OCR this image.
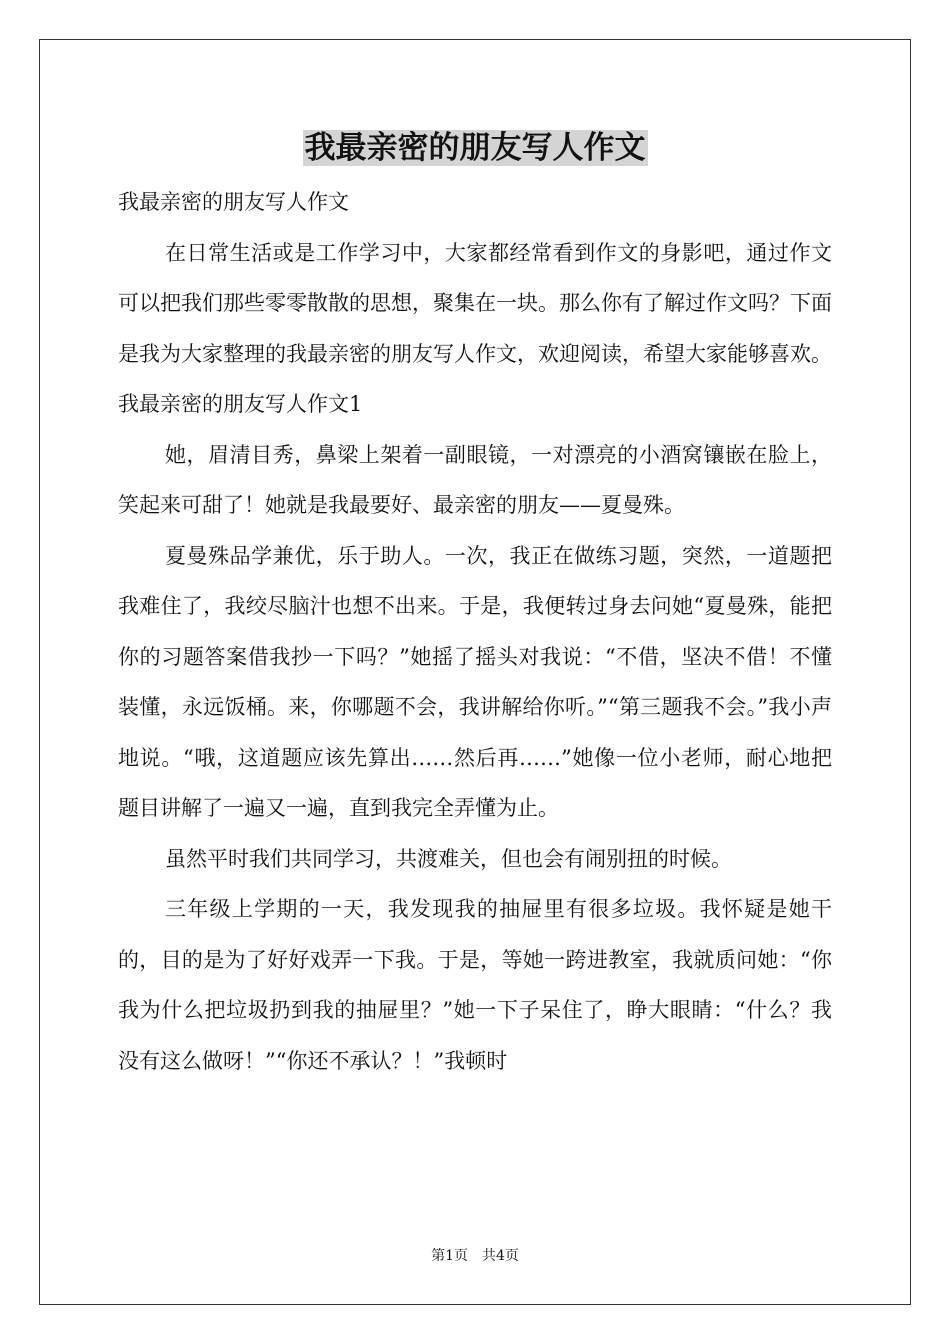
我最亲密的朋友写人作文

我最亲密的朋友写人作文

在日常生活或是工作学习中，大家都经常看到作文的身影吧，通过作文可以把我们那些零零散散的思想，聚集在一块。那么你有了解过作文吗？下面是我为大家整理的我最亲密的朋友写人作文，欢迎阅读，希望大家能够喜欢。

我最亲密的朋友写人作文1

她，眉清目秀，鼻梁上架着一副眼镜，一对漂亮的小酒窝镶嵌在脸上，笑起来可甜了！她就是我最要好、最亲密的朋友——夏曼殊。

夏曼殊品学兼优，乐于助人。一次，我正在做练习题，突然，一道题把我难住了，我绞尽脑汁也想不出来。于是，我便转过身去问她“夏曼殊，能把你的习题答案借我抄一下吗？”她摇了摇头对我说：“不借，坚决不借！不懂装懂，永远饭桶。来，你哪题不会，我讲解给你听。”“第三题我不会。”我小声地说。“哦，这道题应该先算出……然后再……”她像一位小老师，耐心地把题目讲解了一遍又一遍，直到我完全弄懂为止。

虽然平时我们共同学习，共渡难关，但也会有闹别扭的时候。

三年级上学期的一天，我发现我的抽屉里有很多垃圾。我怀疑是她干的，目的是为了好好戏弄一下我。于是，等她一跨进教室，我就质问她：“你我为什么把垃圾扔到我的抽屉里？”她一下子呆住了，睁大眼睛：“什么？我没有这么做呀！”“你还不承认？！”我顿时

第1页　共4页
